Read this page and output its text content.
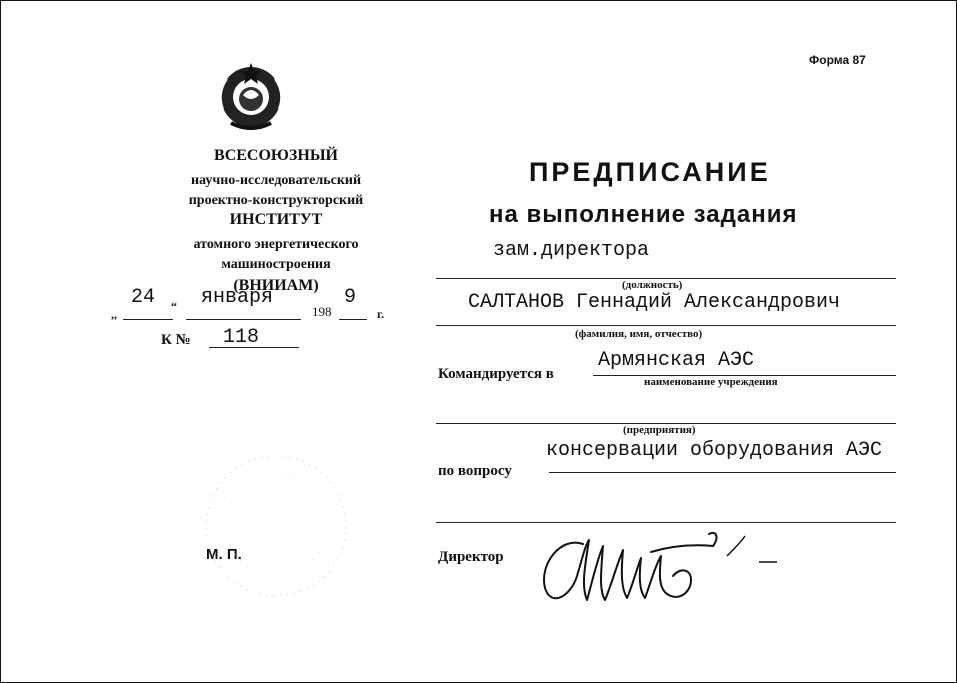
Форма 87
ВСЕСОЮЗНЫЙ
научно-исследовательский
проектно-конструкторский
ИНСТИТУТ
атомного энергетического
машиностроения
(ВНИИАМ)
,,
24 “ января
198
9
г.
К № 118
М. П.
ПРЕДПИСАНИЕ
на выполнение задания
зам.директора
(должность)
САЛТАНОВ Геннадий Александрович
(фамилия, имя, отчество)
Командируется в
Армянская АЭС
наименование учреждения
(предприятия)
консервации оборудования АЭС
по вопросу
Директор
